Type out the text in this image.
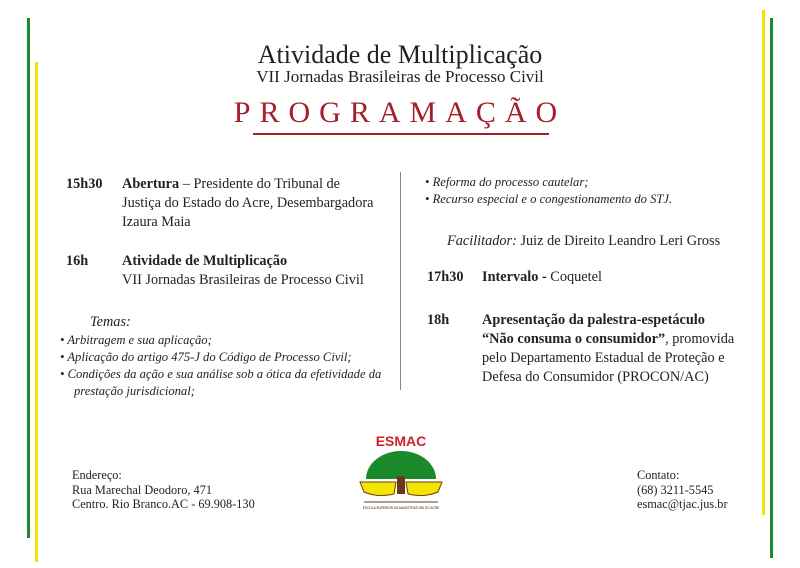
Atividade de Multiplicação
VII Jornadas Brasileiras de Processo Civil
PROGRAMAÇÃO
15h30 Abertura – Presidente do Tribunal de Justiça do Estado do Acre, Desembargadora Izaura Maia
16h Atividade de Multiplicação
VII Jornadas Brasileiras de Processo Civil
Temas:
• Arbitragem e sua aplicação;
• Aplicação do artigo 475-J do Código de Processo Civil;
• Condições da ação e sua análise sob a ótica da efetividade da prestação jurisdicional;
• Reforma do processo cautelar;
• Recurso especial e o congestionamento do STJ.
Facilitador: Juiz de Direito Leandro Leri Gross
17h30 Intervalo - Coquetel
18h Apresentação da palestra-espetáculo
“Não consuma o consumidor”, promovida pelo Departamento Estadual de Proteção e Defesa do Consumidor (PROCON/AC)
ESMAC
ESCOLA SUPERIOR DA MAGISTRATURA DO ACRE
Endereço:
Rua Marechal Deodoro, 471
Centro. Rio Branco.AC - 69.908-130
Contato:
(68) 3211-5545
esmac@tjac.jus.br
